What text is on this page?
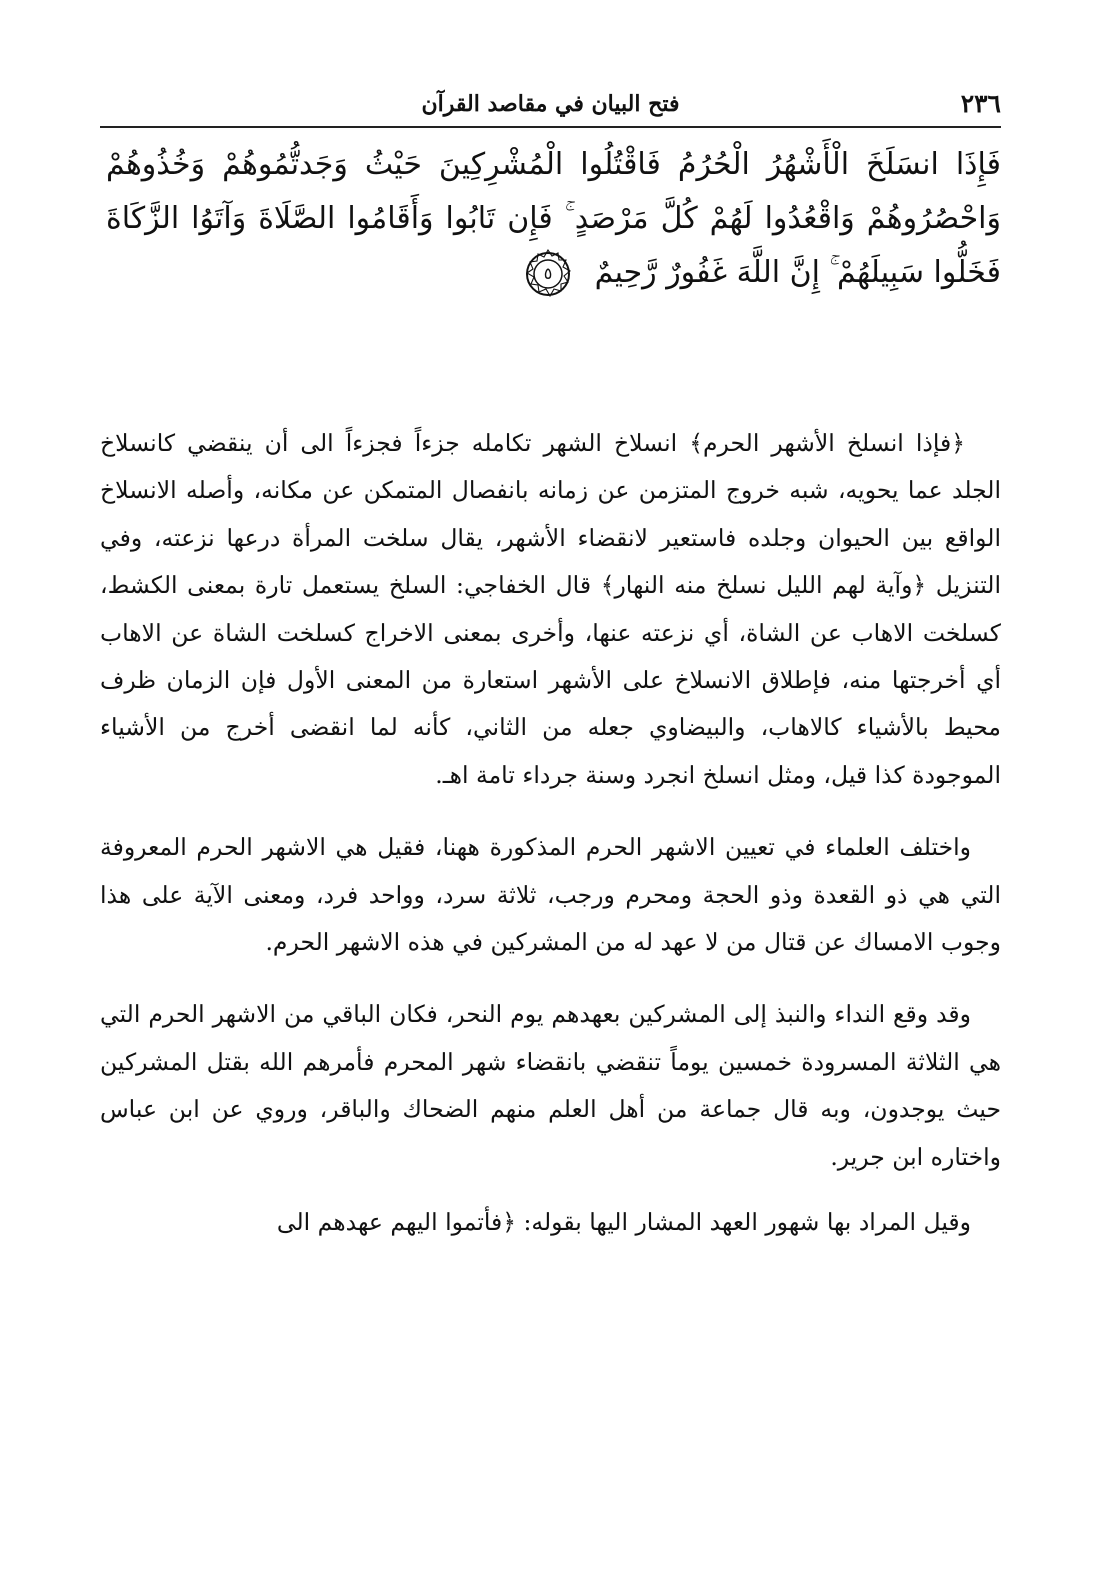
٢٣٦
فتح البيان في مقاصد القرآن
فَإِذَا انسَلَخَ الْأَشْهُرُ الْحُرُمُ فَاقْتُلُوا الْمُشْرِكِينَ حَيْثُ وَجَدتُّمُوهُمْ وَخُذُوهُمْ وَاحْصُرُوهُمْ وَاقْعُدُوا لَهُمْ كُلَّ مَرْصَدٍ ۚ فَإِن تَابُوا وَأَقَامُوا الصَّلَاةَ وَآتَوُا الزَّكَاةَ فَخَلُّوا سَبِيلَهُمْ ۚ إِنَّ اللَّهَ غَفُورٌ رَّحِيمٌ
٥

﴿فإذا انسلخ الأشهر الحرم﴾ انسلاخ الشهر تكامله جزءاً فجزءاً الى أن ينقضي كانسلاخ الجلد عما يحويه، شبه خروج المتزمن عن زمانه بانفصال المتمكن عن مكانه، وأصله الانسلاخ الواقع بين الحيوان وجلده فاستعير لانقضاء الأشهر، يقال سلخت المرأة درعها نزعته، وفي التنزيل ﴿وآية لهم الليل نسلخ منه النهار﴾ قال الخفاجي: السلخ يستعمل تارة بمعنى الكشط، كسلخت الاهاب عن الشاة، أي نزعته عنها، وأخرى بمعنى الاخراج كسلخت الشاة عن الاهاب أي أخرجتها منه، فإطلاق الانسلاخ على الأشهر استعارة من المعنى الأول فإن الزمان ظرف محيط بالأشياء كالاهاب، والبيضاوي جعله من الثاني، كأنه لما انقضى أخرج من الأشياء الموجودة كذا قيل، ومثل انسلخ انجرد وسنة جرداء تامة اهـ.

واختلف العلماء في تعيين الاشهر الحرم المذكورة ههنا، فقيل هي الاشهر الحرم المعروفة التي هي ذو القعدة وذو الحجة ومحرم ورجب، ثلاثة سرد، وواحد فرد، ومعنى الآية على هذا وجوب الامساك عن قتال من لا عهد له من المشركين في هذه الاشهر الحرم.

وقد وقع النداء والنبذ إلى المشركين بعهدهم يوم النحر، فكان الباقي من الاشهر الحرم التي هي الثلاثة المسرودة خمسين يوماً تنقضي بانقضاء شهر المحرم فأمرهم الله بقتل المشركين حيث يوجدون، وبه قال جماعة من أهل العلم منهم الضحاك والباقر، وروي عن ابن عباس واختاره ابن جرير.

وقيل المراد بها شهور العهد المشار اليها بقوله: ﴿فأتموا اليهم عهدهم الى
